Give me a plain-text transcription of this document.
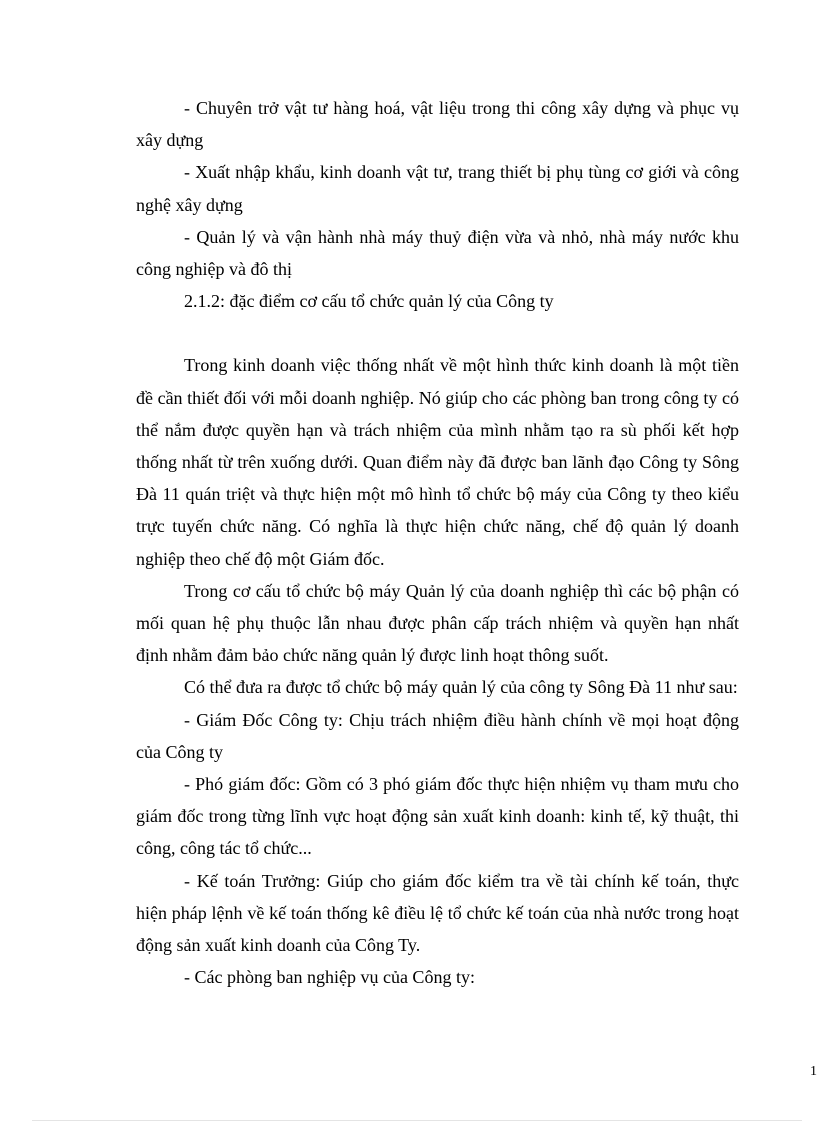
- Chuyên trở vật tư hàng hoá, vật liệu trong thi công xây dựng và phục vụ xây dựng

- Xuất nhập khẩu, kinh doanh vật tư, trang thiết bị phụ tùng cơ giới và công nghệ xây dựng

- Quản lý và vận hành nhà máy thuỷ điện vừa và nhỏ, nhà máy nước khu công nghiệp và đô thị

2.1.2: đặc điểm cơ cấu tổ chức quản lý của Công ty

Trong kinh doanh việc thống nhất về một hình thức kinh doanh là một tiền đề cần thiết đối với mỗi doanh nghiệp. Nó giúp cho các phòng ban trong công ty có thể nắm được quyền hạn và trách nhiệm của mình nhằm tạo ra sù phối kết hợp thống nhất từ trên xuống dưới. Quan điểm này đã được ban lãnh đạo Công ty Sông Đà 11 quán triệt và thực hiện một mô hình tổ chức bộ máy của Công ty theo kiểu trực tuyến chức năng. Có nghĩa là thực hiện chức năng, chế độ quản lý doanh nghiệp theo chế độ một Giám đốc.

Trong cơ cấu tổ chức bộ máy Quản lý của doanh nghiệp thì các bộ phận có mối quan hệ phụ thuộc lẫn nhau được phân cấp trách nhiệm và quyền hạn nhất định nhằm đảm bảo chức năng quản lý được linh hoạt thông suốt.

Có thể đưa ra được tổ chức bộ máy quản lý của công ty Sông Đà 11 như sau:

- Giám Đốc Công ty: Chịu trách nhiệm điều hành chính về mọi hoạt động của Công ty

- Phó giám đốc: Gồm có 3 phó giám đốc thực hiện nhiệm vụ tham mưu cho giám đốc trong từng lĩnh vực hoạt động sản xuất kinh doanh: kinh tế, kỹ thuật, thi công, công tác tổ chức...

- Kế toán Trưởng: Giúp cho giám đốc kiểm tra về tài chính kế toán, thực hiện pháp lệnh về kế toán thống kê điều lệ tổ chức kế toán của nhà nước trong hoạt động sản xuất kinh doanh của Công Ty.

- Các phòng ban nghiệp vụ của Công ty:

1
